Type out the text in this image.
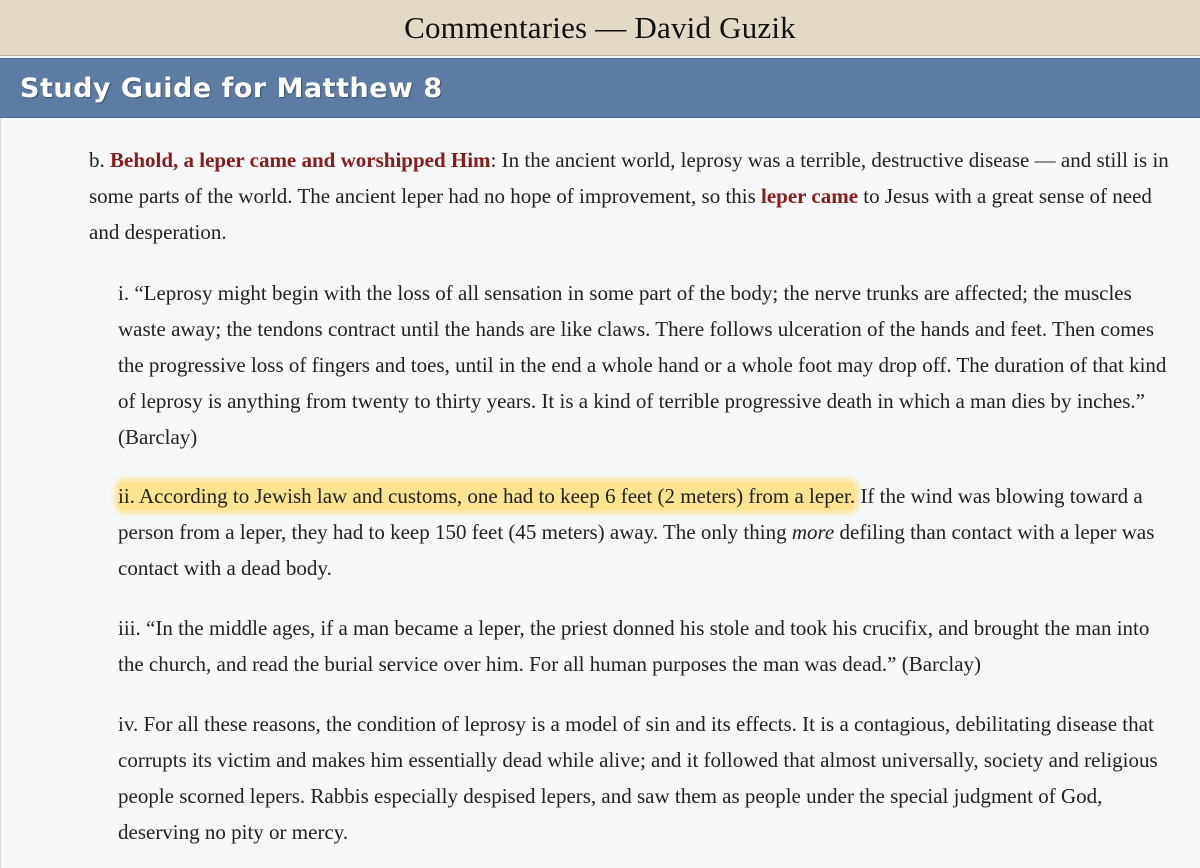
Commentaries — David Guzik
Study Guide for Matthew 8

b. Behold, a leper came and worshipped Him: In the ancient world, leprosy was a terrible, destructive disease — and still is in some parts of the world. The ancient leper had no hope of improvement, so this leper came to Jesus with a great sense of need and desperation.

i. “Leprosy might begin with the loss of all sensation in some part of the body; the nerve trunks are affected; the muscles waste away; the tendons contract until the hands are like claws. There follows ulceration of the hands and feet. Then comes the progressive loss of fingers and toes, until in the end a whole hand or a whole foot may drop off. The duration of that kind of leprosy is anything from twenty to thirty years. It is a kind of terrible progressive death in which a man dies by inches.” (Barclay)

ii. According to Jewish law and customs, one had to keep 6 feet (2 meters) from a leper. If the wind was blowing toward a person from a leper, they had to keep 150 feet (45 meters) away. The only thing more defiling than contact with a leper was contact with a dead body.

iii. “In the middle ages, if a man became a leper, the priest donned his stole and took his crucifix, and brought the man into the church, and read the burial service over him. For all human purposes the man was dead.” (Barclay)

iv. For all these reasons, the condition of leprosy is a model of sin and its effects. It is a contagious, debilitating disease that corrupts its victim and makes him essentially dead while alive; and it followed that almost universally, society and religious people scorned lepers. Rabbis especially despised lepers, and saw them as people under the special judgment of God, deserving no pity or mercy.
